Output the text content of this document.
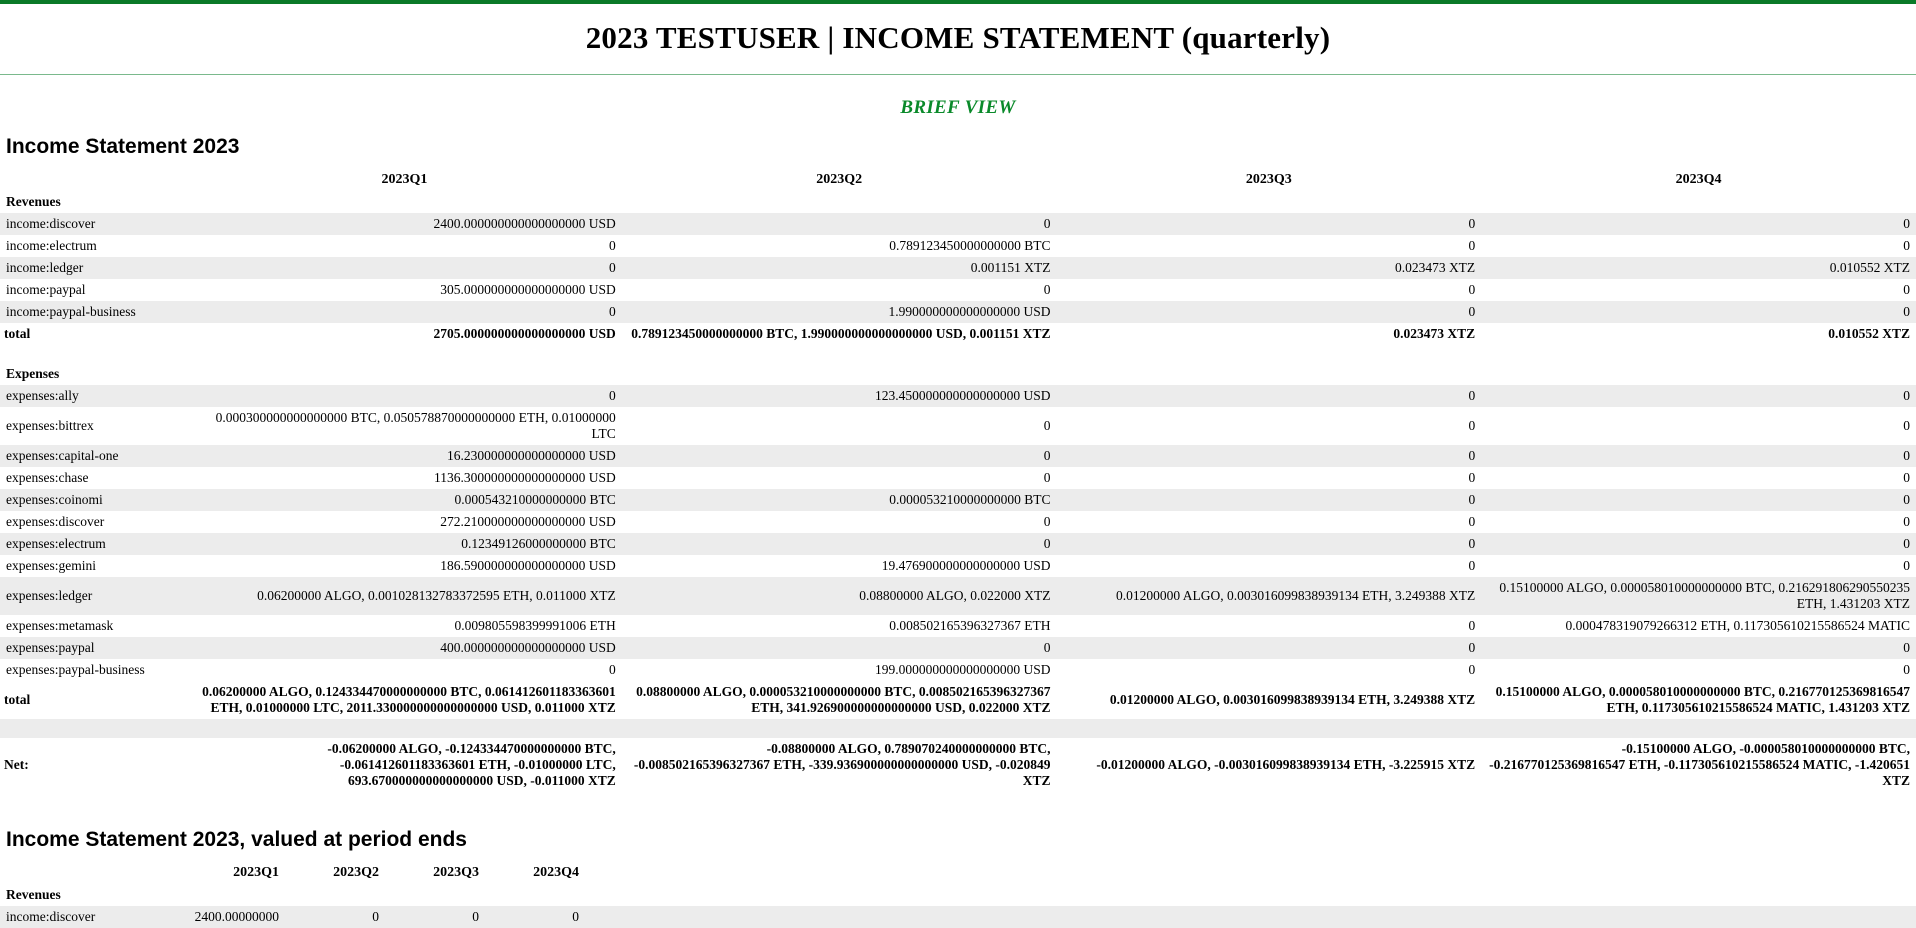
2023 TESTUSER | INCOME STATEMENT (quarterly)
BRIEF VIEW
Income Statement 2023
	2023Q1	2023Q2	2023Q3	2023Q4
Revenues				
income:discover	2400.000000000000000000 USD	0	0	0
income:electrum	0	0.789123450000000000 BTC	0	0
income:ledger	0	0.001151 XTZ	0.023473 XTZ	0.010552 XTZ
income:paypal	305.000000000000000000 USD	0	0	0
income:paypal-business	0	1.990000000000000000 USD	0	0
total	2705.000000000000000000 USD	0.789123450000000000 BTC, 1.990000000000000000 USD, 0.001151 XTZ	0.023473 XTZ	0.010552 XTZ

Expenses				
expenses:ally	0	123.450000000000000000 USD	0	0
expenses:bittrex	0.000300000000000000 BTC, 0.050578870000000000 ETH, 0.01000000 LTC	0	0	0
expenses:capital-one	16.230000000000000000 USD	0	0	0
expenses:chase	1136.300000000000000000 USD	0	0	0
expenses:coinomi	0.000543210000000000 BTC	0.000053210000000000 BTC	0	0
expenses:discover	272.210000000000000000 USD	0	0	0
expenses:electrum	0.12349126000000000 BTC	0	0	0
expenses:gemini	186.590000000000000000 USD	19.476900000000000000 USD	0	0
expenses:ledger	0.06200000 ALGO, 0.001028132783372595 ETH, 0.011000 XTZ	0.08800000 ALGO, 0.022000 XTZ	0.01200000 ALGO, 0.003016099838939134 ETH, 3.249388 XTZ	0.15100000 ALGO, 0.000058010000000000 BTC, 0.216291806290550235 ETH, 1.431203 XTZ
expenses:metamask	0.009805598399991006 ETH	0.008502165396327367 ETH	0	0.000478319079266312 ETH, 0.117305610215586524 MATIC
expenses:paypal	400.000000000000000000 USD	0	0	0
expenses:paypal-business	0	199.000000000000000000 USD	0	0
total	0.06200000 ALGO, 0.124334470000000000 BTC, 0.061412601183363601 ETH, 0.01000000 LTC, 2011.330000000000000000 USD, 0.011000 XTZ	0.08800000 ALGO, 0.000053210000000000 BTC, 0.008502165396327367 ETH, 341.926900000000000000 USD, 0.022000 XTZ	0.01200000 ALGO, 0.003016099838939134 ETH, 3.249388 XTZ	0.15100000 ALGO, 0.000058010000000000 BTC, 0.216770125369816547 ETH, 0.117305610215586524 MATIC, 1.431203 XTZ

Net:	-0.06200000 ALGO, -0.124334470000000000 BTC, -0.061412601183363601 ETH, -0.01000000 LTC, 693.670000000000000000 USD, -0.011000 XTZ	-0.08800000 ALGO, 0.789070240000000000 BTC, -0.008502165396327367 ETH, -339.936900000000000000 USD, -0.020849 XTZ	-0.01200000 ALGO, -0.003016099838939134 ETH, -3.225915 XTZ	-0.15100000 ALGO, -0.000058010000000000 BTC, -0.216770125369816547 ETH, -0.117305610215586524 MATIC, -1.420651 XTZ
Income Statement 2023, valued at period ends
	2023Q1	2023Q2	2023Q3	2023Q4	
Revenues					
income:discover	2400.00000000	0	0	0	
